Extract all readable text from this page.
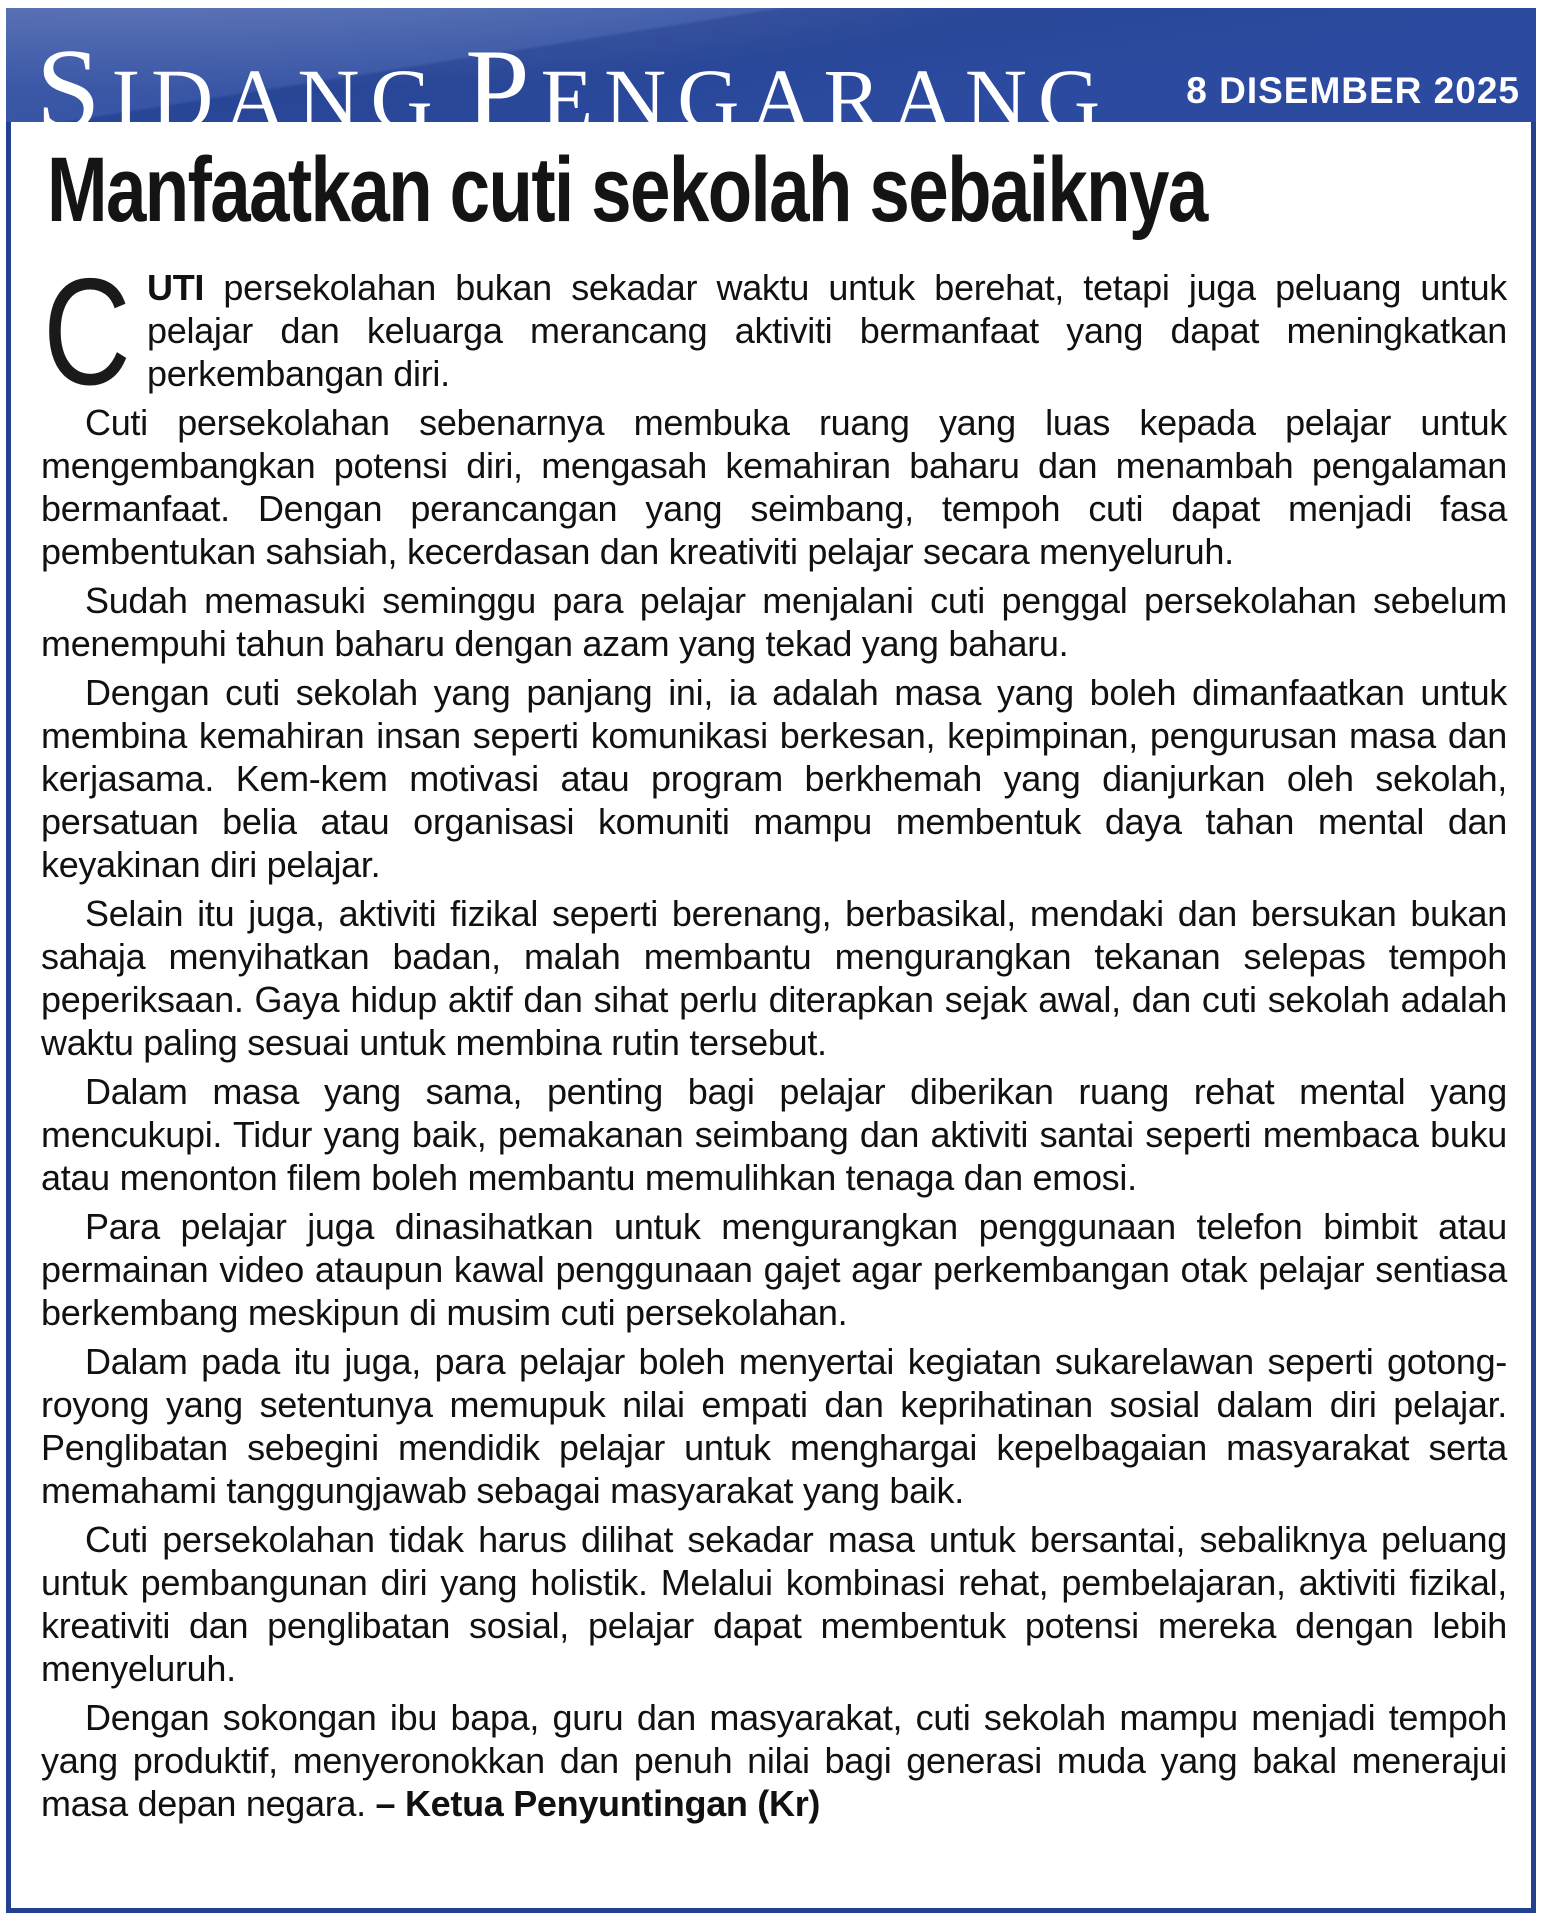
SIDANG PENGARANG 8 DISEMBER 2025
Manfaatkan cuti sekolah sebaiknya

CUTI persekolahan bukan sekadar waktu untuk berehat, tetapi juga peluang untuk pelajar dan keluarga merancang aktiviti bermanfaat yang dapat meningkatkan perkembangan diri.

Cuti persekolahan sebenarnya membuka ruang yang luas kepada pelajar untuk mengembangkan potensi diri, mengasah kemahiran baharu dan menambah pengalaman bermanfaat. Dengan perancangan yang seimbang, tempoh cuti dapat menjadi fasa pembentukan sahsiah, kecerdasan dan kreativiti pelajar secara menyeluruh.

Sudah memasuki seminggu para pelajar menjalani cuti penggal persekolahan sebelum menempuhi tahun baharu dengan azam yang tekad yang baharu.

Dengan cuti sekolah yang panjang ini, ia adalah masa yang boleh dimanfaatkan untuk membina kemahiran insan seperti komunikasi berkesan, kepimpinan, pengurusan masa dan kerjasama. Kem-kem motivasi atau program berkhemah yang dianjurkan oleh sekolah, persatuan belia atau organisasi komuniti mampu membentuk daya tahan mental dan keyakinan diri pelajar.

Selain itu juga, aktiviti fizikal seperti berenang, berbasikal, mendaki dan bersukan bukan sahaja menyihatkan badan, malah membantu mengurangkan tekanan selepas tempoh peperiksaan. Gaya hidup aktif dan sihat perlu diterapkan sejak awal, dan cuti sekolah adalah waktu paling sesuai untuk membina rutin tersebut.

Dalam masa yang sama, penting bagi pelajar diberikan ruang rehat mental yang mencukupi. Tidur yang baik, pemakanan seimbang dan aktiviti santai seperti membaca buku atau menonton filem boleh membantu memulihkan tenaga dan emosi.

Para pelajar juga dinasihatkan untuk mengurangkan penggunaan telefon bimbit atau permainan video ataupun kawal penggunaan gajet agar perkembangan otak pelajar sentiasa berkembang meskipun di musim cuti persekolahan.

Dalam pada itu juga, para pelajar boleh menyertai kegiatan sukarelawan seperti gotong-royong yang setentunya memupuk nilai empati dan keprihatinan sosial dalam diri pelajar. Penglibatan sebegini mendidik pelajar untuk menghargai kepelbagaian masyarakat serta memahami tanggungjawab sebagai masyarakat yang baik.

Cuti persekolahan tidak harus dilihat sekadar masa untuk bersantai, sebaliknya peluang untuk pembangunan diri yang holistik. Melalui kombinasi rehat, pembelajaran, aktiviti fizikal, kreativiti dan penglibatan sosial, pelajar dapat membentuk potensi mereka dengan lebih menyeluruh.

Dengan sokongan ibu bapa, guru dan masyarakat, cuti sekolah mampu menjadi tempoh yang produktif, menyeronokkan dan penuh nilai bagi generasi muda yang bakal menerajui masa depan negara. – Ketua Penyuntingan (Kr)
